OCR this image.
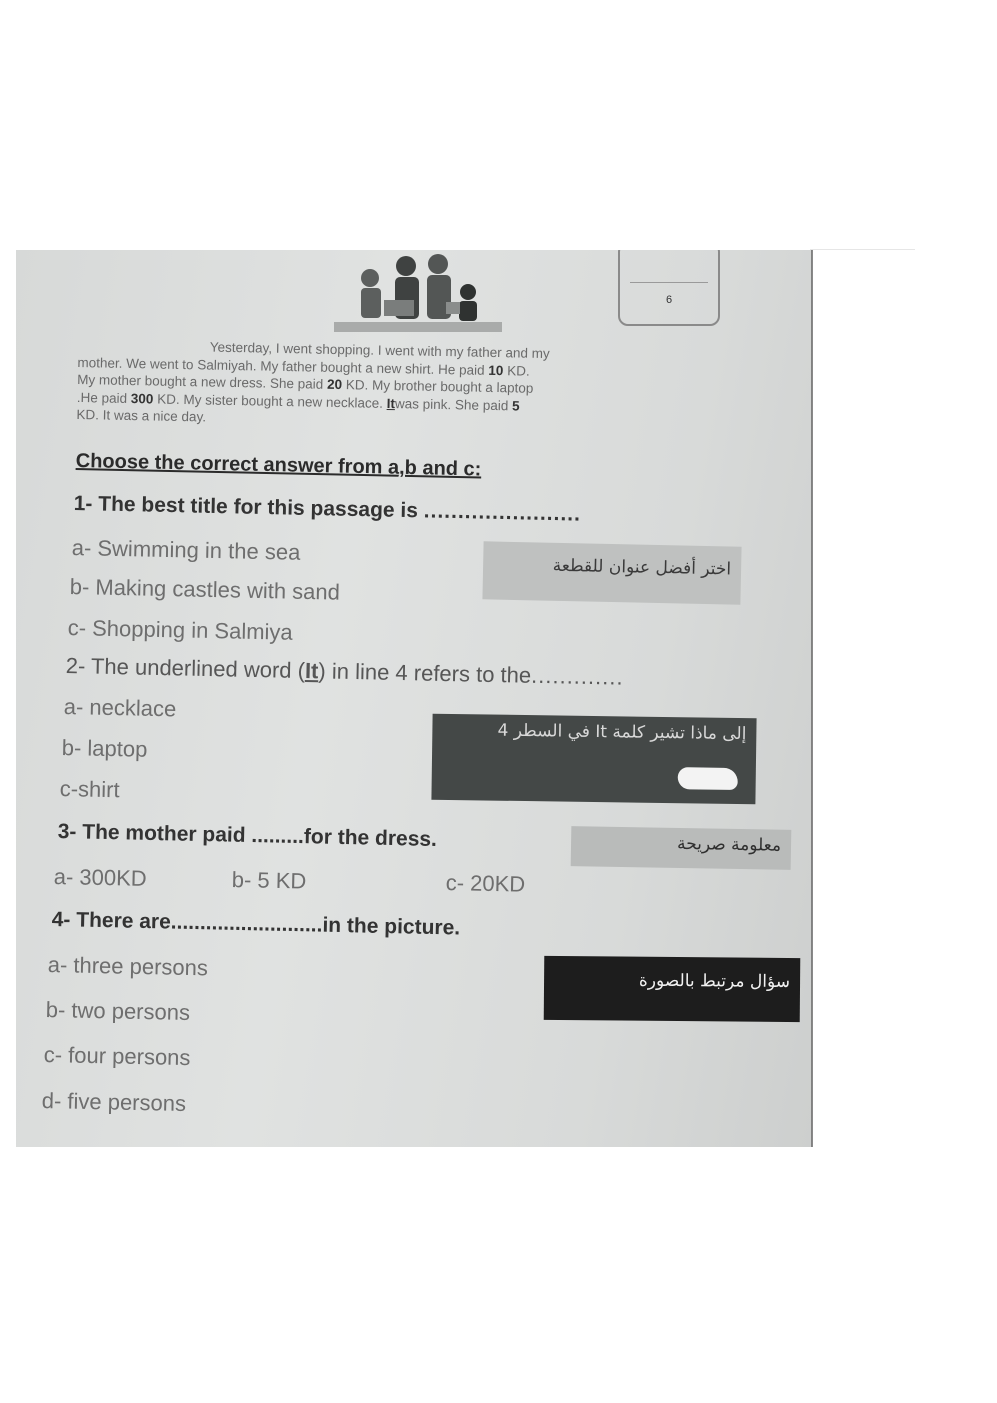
6
Yesterday, I went shopping. I went with my father and my
mother. We went to Salmiyah. My father bought a new shirt. He paid 10 KD.
My mother bought a new dress. She paid 20 KD. My brother bought a laptop
.He paid 300 KD. My sister bought a new necklace. Itwas pink. She paid 5
KD. It was a nice day.
Choose the correct answer from a,b and c:
1- The best title for this passage is .......................
a- Swimming in the sea
b- Making castles with sand
c- Shopping in Salmiya
اختر أفضل عنوان للقطعة
2- The underlined word (It) in line 4 refers to the.............
a- necklace
b- laptop
c-shirt
إلى ماذا تشير كلمة It في السطر 4
3- The mother paid .........for the dress.
a- 300KD	b- 5 KD	c- 20KD
معلومة صريحة
4- There are..........................in the picture.
a- three persons
b- two persons
c- four persons
d- five persons
سؤال مرتبط بالصورة
